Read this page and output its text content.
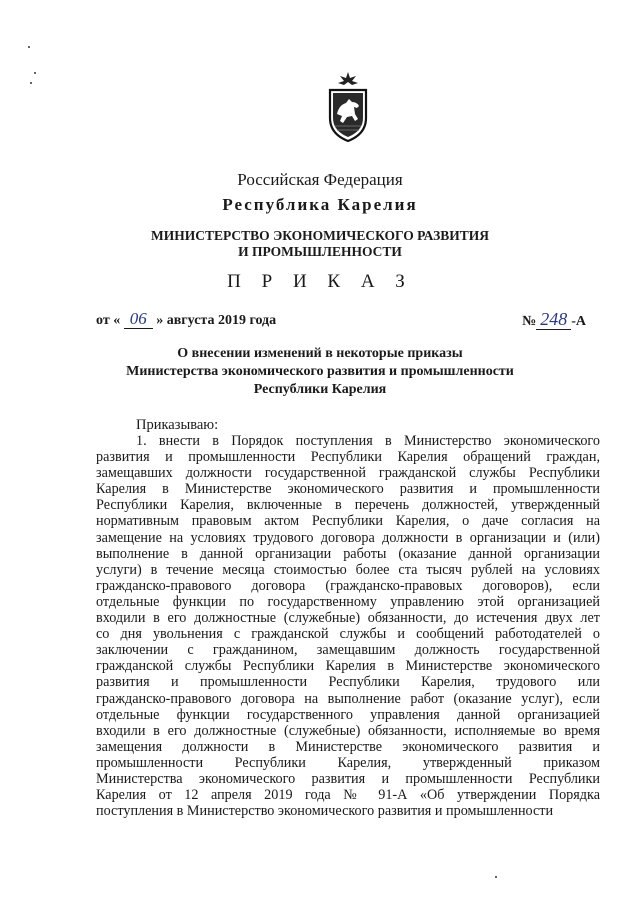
Российская Федерация
Республика Карелия
МИНИСТЕРСТВО ЭКОНОМИЧЕСКОГО РАЗВИТИЯ
И ПРОМЫШЛЕННОСТИ
П Р И К А З
от « 06 » августа 2019 года	№ 248 -А
О внесении изменений в некоторые приказы
Министерства экономического развития и промышленности
Республики Карелия
Приказываю:
1. внести в Порядок поступления в Министерство экономического
развития и промышленности Республики Карелия обращений граждан,
замещавших должности государственной гражданской службы Республики
Карелия в Министерстве экономического развития и промышленности
Республики Карелия, включенные в перечень должностей, утвержденный
нормативным правовым актом Республики Карелия, о даче согласия на
замещение на условиях трудового договора должности в организации и (или)
выполнение в данной организации работы (оказание данной организации
услуги) в течение месяца стоимостью более ста тысяч рублей на условиях
гражданско-правового договора (гражданско-правовых договоров), если
отдельные функции по государственному управлению этой организацией
входили в его должностные (служебные) обязанности, до истечения двух лет
со дня увольнения с гражданской службы и сообщений работодателей о
заключении с гражданином, замещавшим должность государственной
гражданской службы Республики Карелия в Министерстве экономического
развития и промышленности Республики Карелия, трудового или
гражданско-правового договора на выполнение работ (оказание услуг), если
отдельные функции государственного управления данной организацией
входили в его должностные (служебные) обязанности, исполняемые во время
замещения должности в Министерстве экономического развития и
промышленности Республики Карелия, утвержденный приказом
Министерства экономического развития и промышленности Республики
Карелия от 12 апреля 2019 года № 91-А «Об утверждении Порядка
поступления в Министерство экономического развития и промышленности
